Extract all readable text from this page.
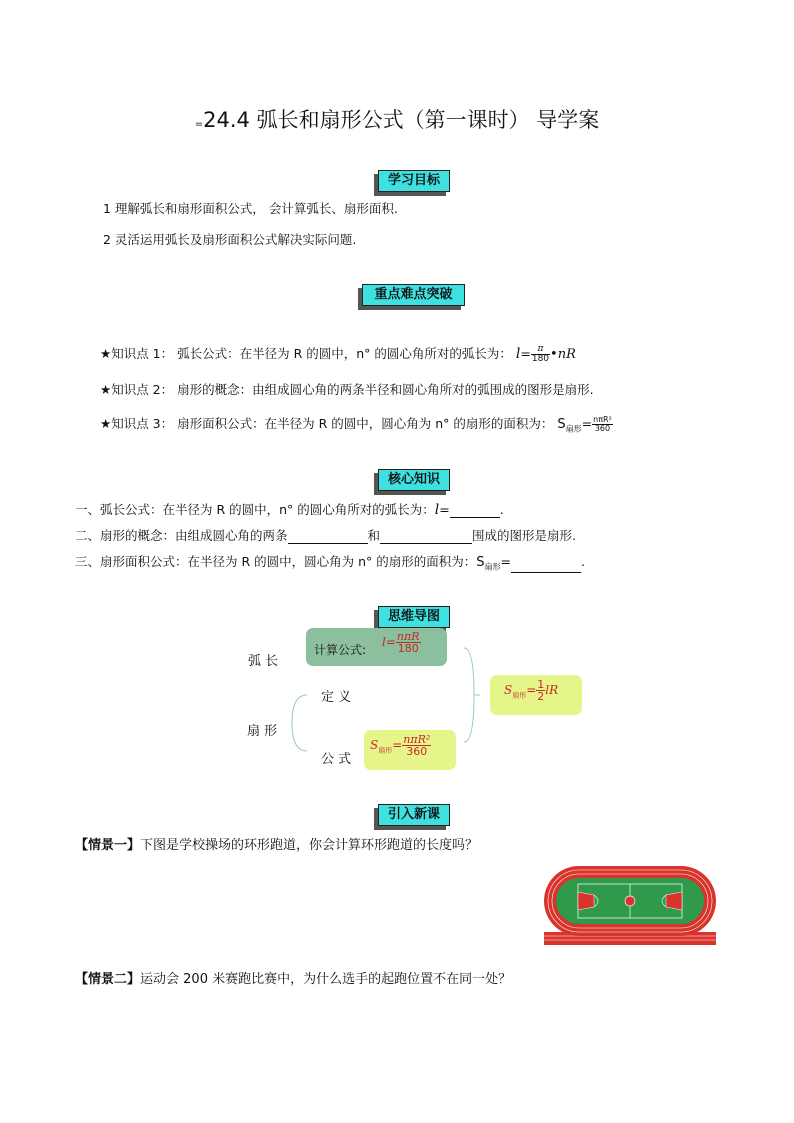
=24.4 弧长和扇形公式（第一课时） 导学案
学习目标
1 理解弧长和扇形面积公式， 会计算弧长、扇形面积.
2 灵活运用弧长及扇形面积公式解决实际问题.
重点难点突破
★知识点 1： 弧长公式：在半径为 R 的圆中，n° 的圆心角所对的弧长为： $l= \frac{\pi}{180}$ •nR
★知识点 2： 扇形的概念：由组成圆心角的两条半径和圆心角所对的弧围成的图形是扇形.
★知识点 3： 扇形面积公式：在半径为 R 的圆中，圆心角为 n° 的扇形的面积为： $S_{扇形}= \frac{\text{nπR²}}{360}$
核心知识
一、弧长公式：在半径为 R 的圆中，n° 的圆心角所对的弧长为：l=	.
二、扇形的概念：由组成圆心角的两条	和	围成的图形是扇形.
三、扇形面积公式：在半径为 R 的圆中，圆心角为 n° 的扇形的面积为：$S_{扇形}=$	.
思维导图
弧 长
扇 形
定 义
公 式
计算公式:
$l= \frac{\text{nπR}}{180}$
$S_{扇形}= \frac{\text{nπR²}}{360}$
$S_{扇形}= \frac{1}{2}$ lR
引入新课
【情景一】下图是学校操场的环形跑道，你会计算环形跑道的长度吗？
【情景二】运动会 200 米赛跑比赛中，为什么选手的起跑位置不在同一处？
